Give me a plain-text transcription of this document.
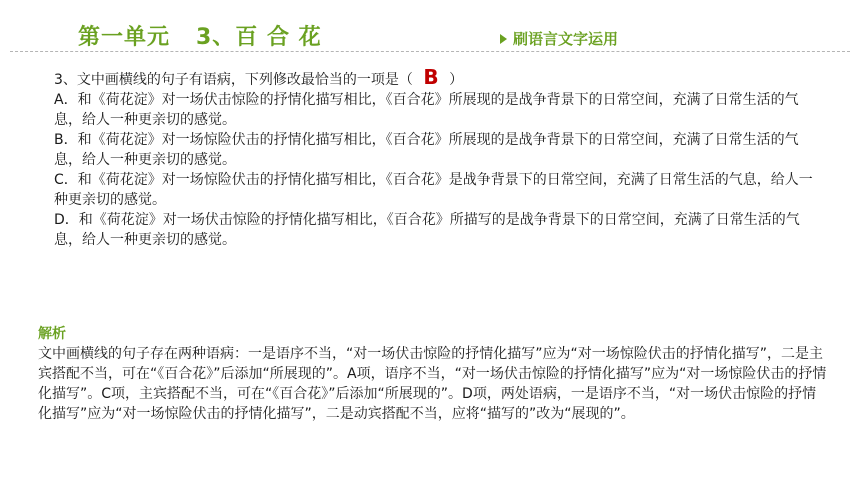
第一单元   3、百 合 花	刷语言文字运用
3、文中画横线的句子有语病，下列修改最恰当的一项是（ B ）
A．和《荷花淀》对一场伏击惊险的抒情化描写相比，《百合花》所展现的是战争背景下的日常空间，充满了日常生活的气息，给人一种更亲切的感觉。
B．和《荷花淀》对一场惊险伏击的抒情化描写相比，《百合花》所展现的是战争背景下的日常空间，充满了日常生活的气息，给人一种更亲切的感觉。
C．和《荷花淀》对一场惊险伏击的抒情化描写相比，《百合花》是战争背景下的日常空间，充满了日常生活的气息，给人一种更亲切的感觉。
D．和《荷花淀》对一场伏击惊险的抒情化描写相比，《百合花》所描写的是战争背景下的日常空间，充满了日常生活的气息，给人一种更亲切的感觉。
解析
文中画横线的句子存在两种语病：一是语序不当，“对一场伏击惊险的抒情化描写”应为“对一场惊险伏击的抒情化描写”，二是主宾搭配不当，可在“《百合花》”后添加“所展现的”。A项，语序不当，“对一场伏击惊险的抒情化描写”应为“对一场惊险伏击的抒情化描写”。C项，主宾搭配不当，可在“《百合花》”后添加“所展现的”。D项，两处语病，一是语序不当，“对一场伏击惊险的抒情化描写”应为“对一场惊险伏击的抒情化描写”，二是动宾搭配不当，应将“描写的”改为“展现的”。
